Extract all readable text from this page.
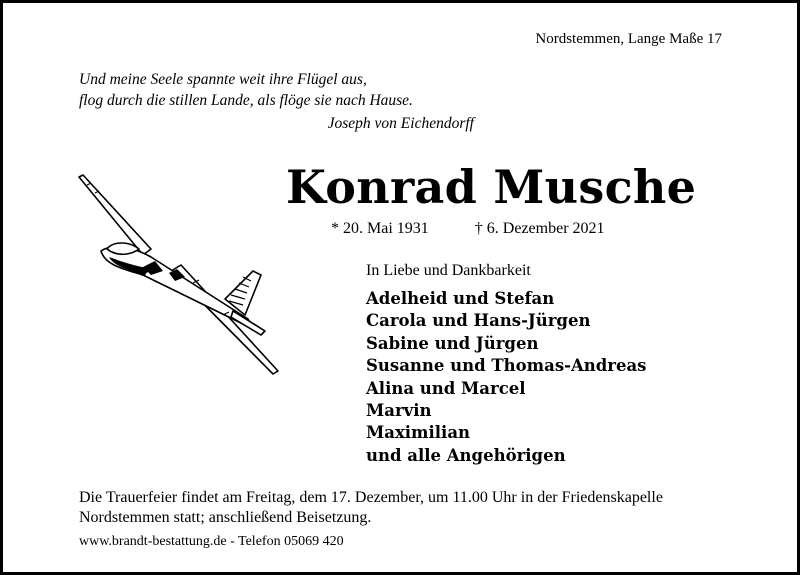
Nordstemmen, Lange Maße 17
Und meine Seele spannte weit ihre Flügel aus,
flog durch die stillen Lande, als flöge sie nach Hause.
Joseph von Eichendorff
Konrad Musche
* 20. Mai 1931	† 6. Dezember 2021
In Liebe und Dankbarkeit
Adelheid und Stefan
Carola und Hans-Jürgen
Sabine und Jürgen
Susanne und Thomas-Andreas
Alina und Marcel
Marvin
Maximilian
und alle Angehörigen
Die Trauerfeier findet am Freitag, dem 17. Dezember, um 11.00 Uhr in der Friedenskapelle
Nordstemmen statt; anschließend Beisetzung.
www.brandt-bestattung.de - Telefon 05069 420
